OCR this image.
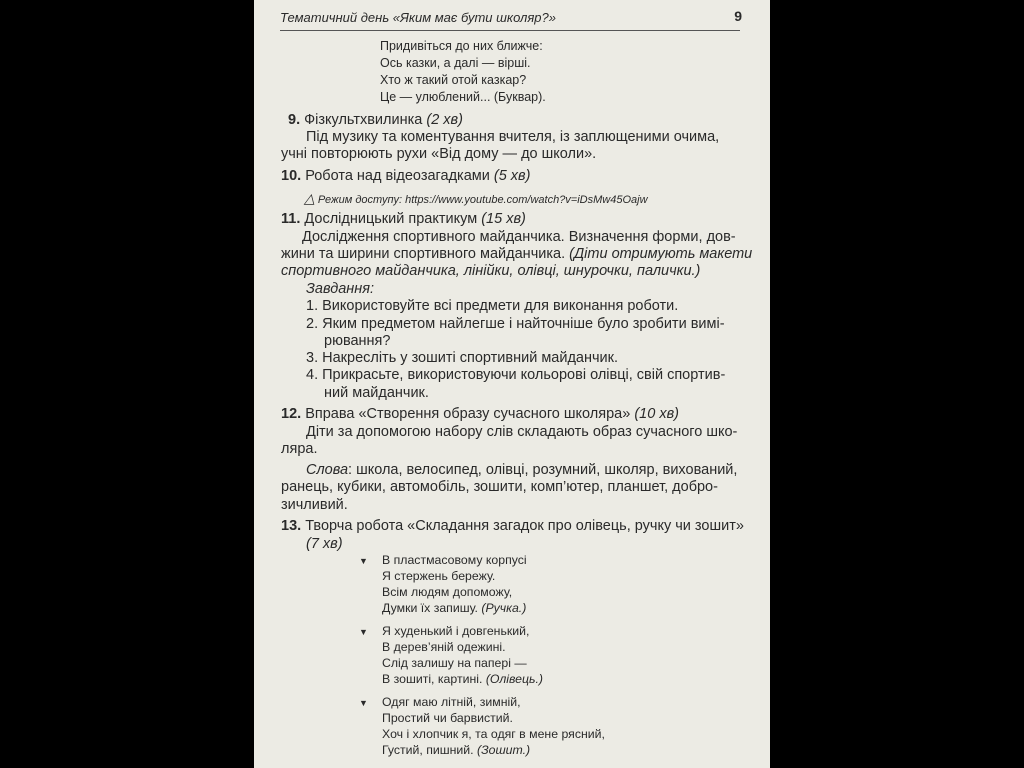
Тематичний день «Яким має бути школяр?»	9
Придивіться до них ближче:
Ось казки, а далі — вірші.
Хто ж такий отой казкар?
Це — улюблений... (Буквар).
9. Фізкультхвилинка (2 хв)
Під музику та коментування вчителя, із заплющеними очима,
учні повторюють рухи «Від дому — до школи».
10. Робота над відеозагадками (5 хв)
△ Режим доступу: https://www.youtube.com/watch?v=iDsMw45Oajw
11. Дослідницький практикум (15 хв)
Дослідження спортивного майданчика. Визначення форми, дов-
жини та ширини спортивного майданчика. (Діти отримують макети
спортивного майданчика, лінійки, олівці, шнурочки, палички.)
Завдання:
1. Використовуйте всі предмети для виконання роботи.
2. Яким предметом найлегше і найточніше було зробити вимі-
рювання?
3. Накресліть у зошиті спортивний майданчик.
4. Прикрасьте, використовуючи кольорові олівці, свій спортив-
ний майданчик.
12. Вправа «Створення образу сучасного школяра» (10 хв)
Діти за допомогою набору слів складають образ сучасного шко-
ляра.
Слова: школа, велосипед, олівці, розумний, школяр, вихований,
ранець, кубики, автомобіль, зошити, комп’ютер, планшет, добро-
зичливий.
13. Творча робота «Складання загадок про олівець, ручку чи зошит»
(7 хв)
▼ В пластмасовому корпусі
Я стержень бережу.
Всім людям допоможу,
Думки їх запишу. (Ручка.)
▼ Я худенький і довгенький,
В дерев’яній одежині.
Слід залишу на папері —
В зошиті, картині. (Олівець.)
▼ Одяг маю літній, зимній,
Простий чи барвистий.
Хоч і хлопчик я, та одяг в мене рясний,
Густий, пишний. (Зошит.)
